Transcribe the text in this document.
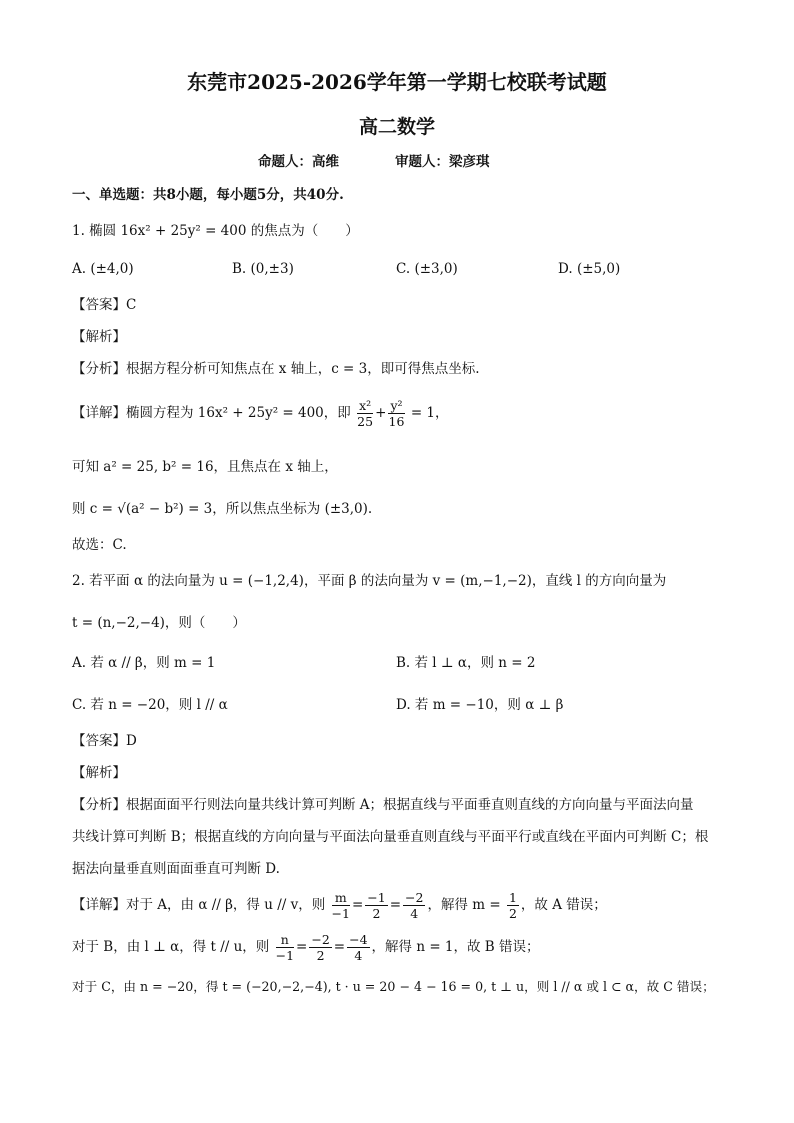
东莞市2025-2026学年第一学期七校联考试题
高二数学
命题人：高维	审题人：梁彦琪
一、单选题：共8小题，每小题5分，共40分.
1. 椭圆 16x² + 25y² = 400 的焦点为（　　）
A. (±4,0)	B. (0,±3)	C. (±3,0)	D. (±5,0)
【答案】C
【解析】
【分析】根据方程分析可知焦点在 x 轴上，c = 3，即可得焦点坐标.
【详解】椭圆方程为 16x² + 25y² = 400，即 $\frac{\text{x²}}{25} + \frac{\text{y²}}{16} = 1$，
可知 a² = 25, b² = 16，且焦点在 x 轴上，
则 c = √(a² − b²) = 3，所以焦点坐标为 (±3,0).
故选：C.
2. 若平面 α 的法向量为 u = (−1,2,4)，平面 β 的法向量为 v = (m,−1,−2)，直线 l 的方向向量为
t = (n,−2,−4)，则（　　）
A. 若 α // β，则 m = 1	B. 若 l ⊥ α，则 n = 2
C. 若 n = −20，则 l // α	D. 若 m = −10，则 α ⊥ β
【答案】D
【解析】
【分析】根据面面平行则法向量共线计算可判断 A；根据直线与平面垂直则直线的方向向量与平面法向量
共线计算可判断 B；根据直线的方向向量与平面法向量垂直则直线与平面平行或直线在平面内可判断 C；根
据法向量垂直则面面垂直可判断 D.
【详解】对于 A，由 α // β，得 u // v，则 $\frac{m}{-1} = \frac{-1}{2} = \frac{-2}{4}$ ，解得 $m = \frac{1}{2}$ ，故 A 错误；
对于 B，由 l ⊥ α，得 t // u，则 $\frac{n}{-1} = \frac{-2}{2} = \frac{-4}{4}$ ，解得 n = 1，故 B 错误；
对于 C，由 n = −20，得 t = (−20,−2,−4), t · u = 20 − 4 − 16 = 0, t ⊥ u，则 l // α 或 l ⊂ α，故 C 错误；
